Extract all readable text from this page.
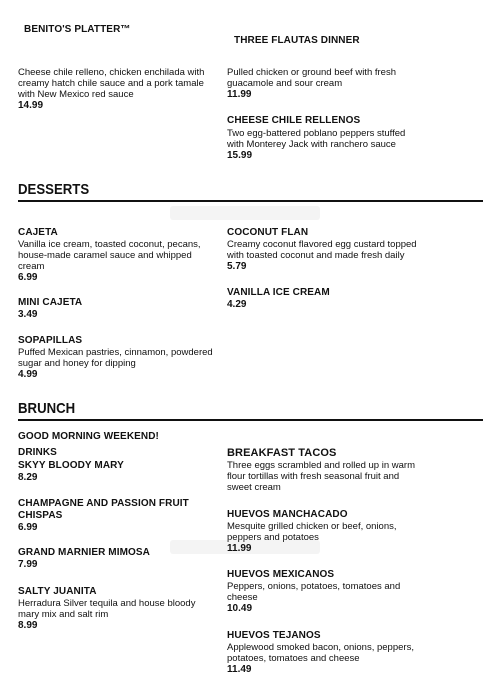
BENITO'S PLATTER™
Cheese chile relleno, chicken enchilada with
creamy hatch chile sauce and a pork tamale
with New Mexico red sauce
14.99
THREE FLAUTAS DINNER
Pulled chicken or ground beef with fresh
guacamole and sour cream
11.99
CHEESE CHILE RELLENOS
Two egg-battered poblano peppers stuffed
with Monterey Jack with ranchero sauce
15.99
DESSERTS
CAJETA
Vanilla ice cream, toasted coconut, pecans,
house-made caramel sauce and whipped
cream
6.99
MINI CAJETA
3.49
SOPAPILLAS
Puffed Mexican pastries, cinnamon, powdered
sugar and honey for dipping
4.99
COCONUT FLAN
Creamy coconut flavored egg custard topped
with toasted coconut and made fresh daily
5.79
VANILLA ICE CREAM
4.29
BRUNCH
GOOD MORNING WEEKEND!
DRINKS
SKYY BLOODY MARY
8.29
CHAMPAGNE AND PASSION FRUIT
CHISPAS
6.99
GRAND MARNIER MIMOSA
7.99
SALTY JUANITA
Herradura Silver tequila and house bloody
mary mix and salt rim
8.99
BREAKFAST TACOS
Three eggs scrambled and rolled up in warm
flour tortillas with fresh seasonal fruit and
sweet cream
HUEVOS MANCHACADO
Mesquite grilled chicken or beef, onions,
peppers and potatoes
11.99
HUEVOS MEXICANOS
Peppers, onions, potatoes, tomatoes and
cheese
10.49
HUEVOS TEJANOS
Applewood smoked bacon, onions, peppers,
potatoes, tomatoes and cheese
11.49
